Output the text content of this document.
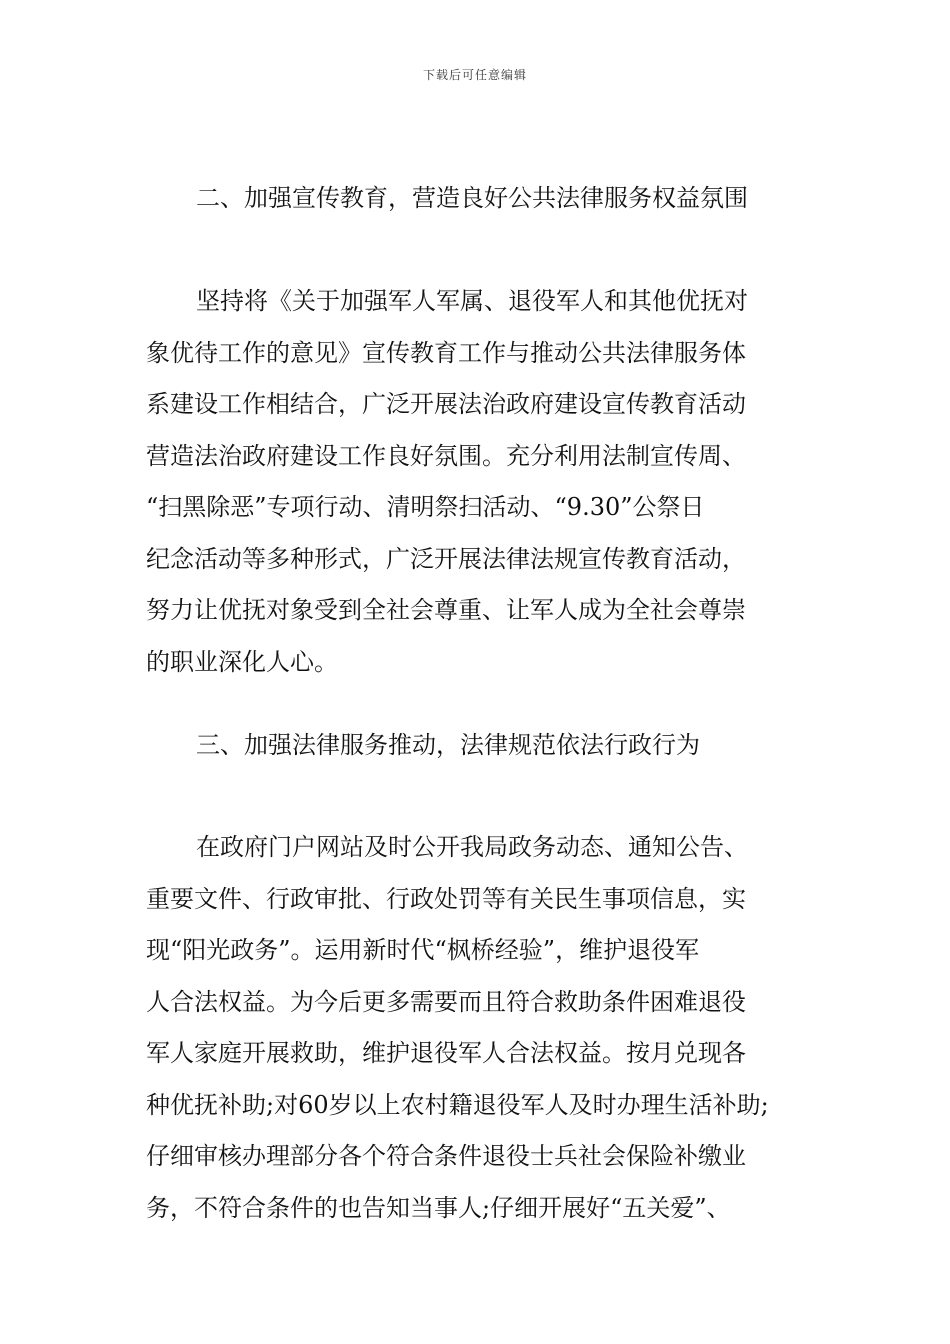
下载后可任意编辑
二、加强宣传教育，营造良好公共法律服务权益氛围
坚持将《关于加强军人军属、退役军人和其他优抚对
象优待工作的意见》宣传教育工作与推动公共法律服务体
系建设工作相结合，广泛开展法治政府建设宣传教育活动
营造法治政府建设工作良好氛围。充分利用法制宣传周、
“扫黑除恶”专项行动、清明祭扫活动、“9.30”公祭日
纪念活动等多种形式，广泛开展法律法规宣传教育活动，
努力让优抚对象受到全社会尊重、让军人成为全社会尊崇
的职业深化人心。
三、加强法律服务推动，法律规范依法行政行为
在政府门户网站及时公开我局政务动态、通知公告、
重要文件、行政审批、行政处罚等有关民生事项信息，实
现“阳光政务”。运用新时代“枫桥经验”，维护退役军
人合法权益。为今后更多需要而且符合救助条件困难退役
军人家庭开展救助，维护退役军人合法权益。按月兑现各
种优抚补助;对60岁以上农村籍退役军人及时办理生活补助;
仔细审核办理部分各个符合条件退役士兵社会保险补缴业
务，不符合条件的也告知当事人;仔细开展好“五关爱”、
